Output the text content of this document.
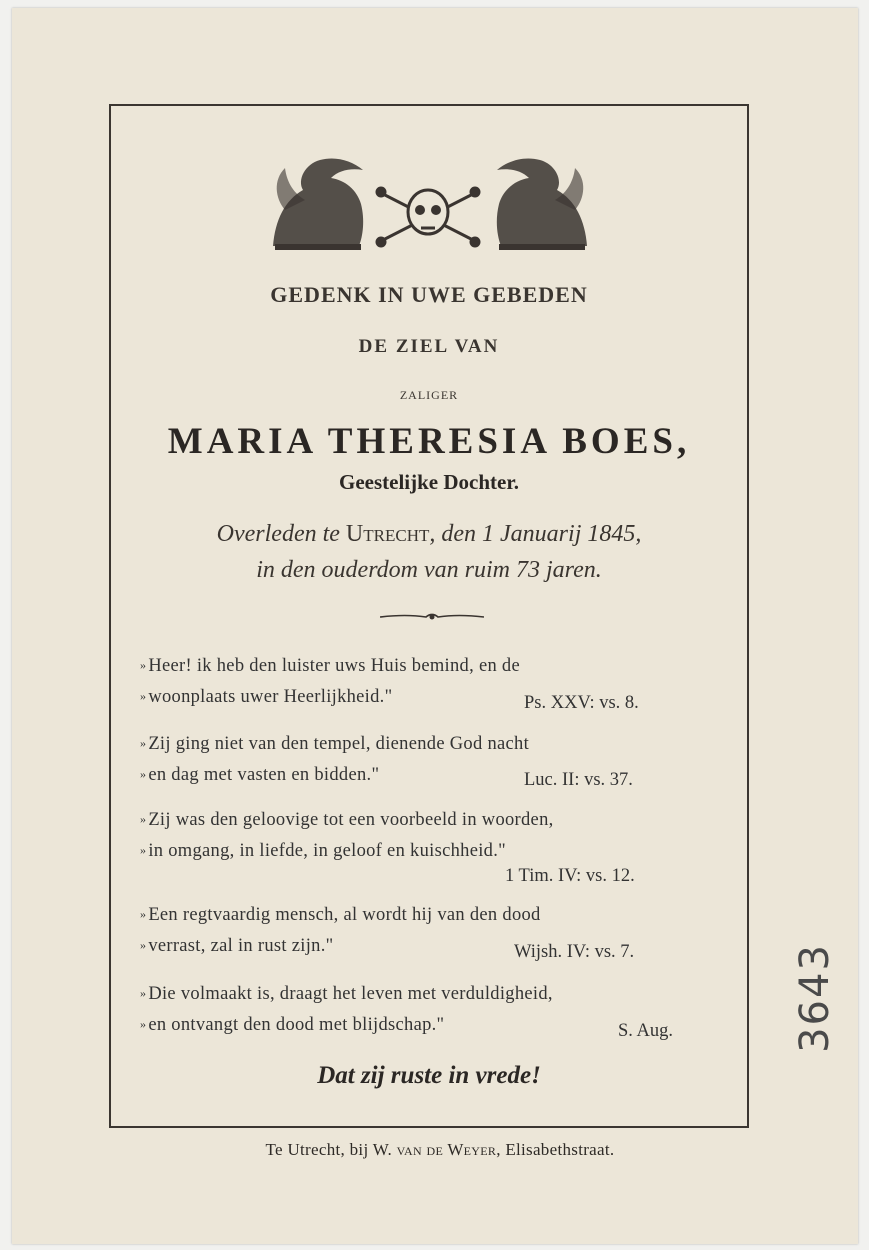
GEDENK IN UWE GEBEDEN
DE ZIEL VAN
ZALIGER
MARIA THERESIA BOES,
Geestelijke Dochter.
Overleden te Utrecht, den 1 Januarij 1845,
in den ouderdom van ruim 73 jaren.
» Heer! ik heb den luister uws Huis bemind, en de
» woonplaats uwer Heerlijkheid."	Ps. XXV: vs. 8.
» Zij ging niet van den tempel, dienende God nacht
» en dag met vasten en bidden."	Luc. II: vs. 37.
» Zij was den geloovige tot een voorbeeld in woorden,
» in omgang, in liefde, in geloof en kuischheid."
1 Tim. IV: vs. 12.
» Een regtvaardig mensch, al wordt hij van den dood
» verrast, zal in rust zijn."	Wijsh. IV: vs. 7.
» Die volmaakt is, draagt het leven met verduldigheid,
» en ontvangt den dood met blijdschap."	S. Aug.
Dat zij ruste in vrede!
Te Utrecht, bij W. van de Weyer, Elisabethstraat.
3643
